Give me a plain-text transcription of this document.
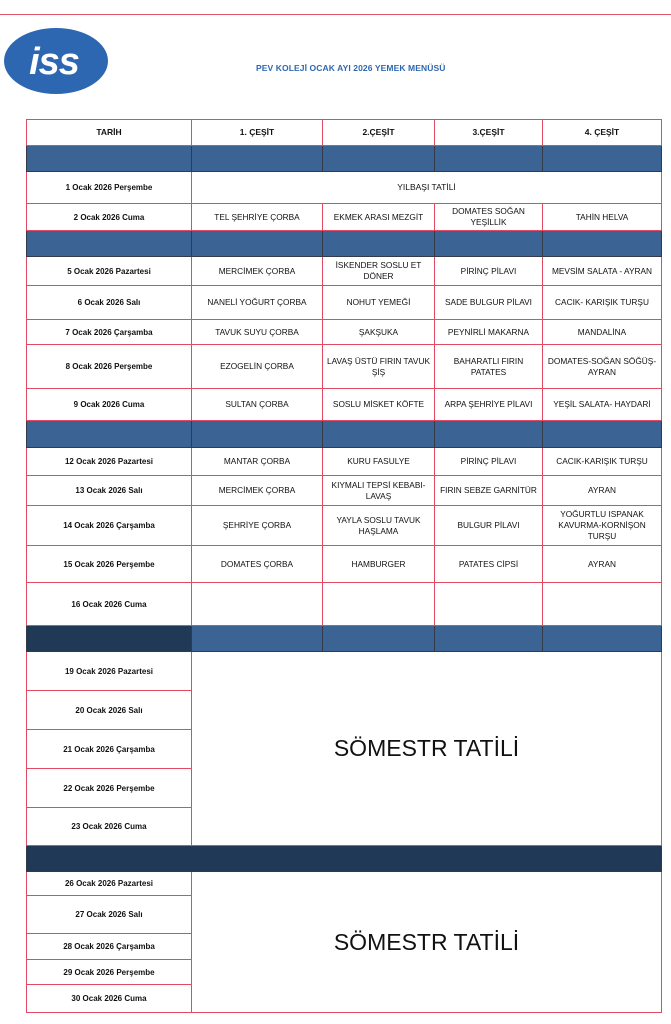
iss	PEV KOLEJİ OCAK AYI 2026 YEMEK MENÜSÜ
TARİH	1. ÇEŞİT	2.ÇEŞİT	3.ÇEŞİT	4. ÇEŞİT

1 Ocak 2026 Perşembe	YILBAŞI TATİLİ			
2 Ocak 2026 Cuma	TEL ŞEHRİYE ÇORBA	EKMEK ARASI MEZGİT	DOMATES SOĞAN YEŞİLLİK	TAHİN HELVA

5 Ocak 2026 Pazartesi	MERCİMEK ÇORBA	İSKENDER SOSLU ET DÖNER	PİRİNÇ PİLAVI	MEVSİM SALATA - AYRAN
6 Ocak 2026 Salı	NANELİ YOĞURT ÇORBA	NOHUT YEMEĞİ	SADE BULGUR PİLAVI	CACIK- KARIŞIK TURŞU
7 Ocak 2026 Çarşamba	TAVUK SUYU ÇORBA	ŞAKŞUKA	PEYNİRLİ MAKARNA	MANDALİNA
8 Ocak 2026 Perşembe	EZOGELİN ÇORBA	LAVAŞ ÜSTÜ FIRIN TAVUK ŞİŞ	BAHARATLI FIRIN PATATES	DOMATES-SOĞAN SÖĞÜŞ-AYRAN
9 Ocak 2026 Cuma	SULTAN ÇORBA	SOSLU MİSKET KÖFTE	ARPA ŞEHRİYE PİLAVI	YEŞİL SALATA- HAYDARİ

12 Ocak 2026 Pazartesi	MANTAR ÇORBA	KURU FASULYE	PİRİNÇ PİLAVI	CACIK-KARIŞIK TURŞU
13 Ocak 2026 Salı	MERCİMEK ÇORBA	KIYMALI TEPSİ KEBABI-LAVAŞ	FIRIN SEBZE GARNİTÜR	AYRAN
14 Ocak 2026 Çarşamba	ŞEHRİYE ÇORBA	YAYLA SOSLU TAVUK HAŞLAMA	BULGUR PİLAVI	YOĞURTLU ISPANAK KAVURMA-KORNİŞON TURŞU
15 Ocak 2026 Perşembe	DOMATES ÇORBA	HAMBURGER	PATATES CİPSİ	AYRAN
16 Ocak 2026 Cuma				

19 Ocak 2026 Pazartesi	SÖMESTR TATİLİ			
20 Ocak 2026 Salı				
21 Ocak 2026 Çarşamba				
22 Ocak 2026 Perşembe				
23 Ocak 2026 Cuma				

26 Ocak 2026 Pazartesi	SÖMESTR TATİLİ			
27 Ocak 2026 Salı				
28 Ocak 2026 Çarşamba				
29 Ocak 2026 Perşembe				
30 Ocak 2026 Cuma				
